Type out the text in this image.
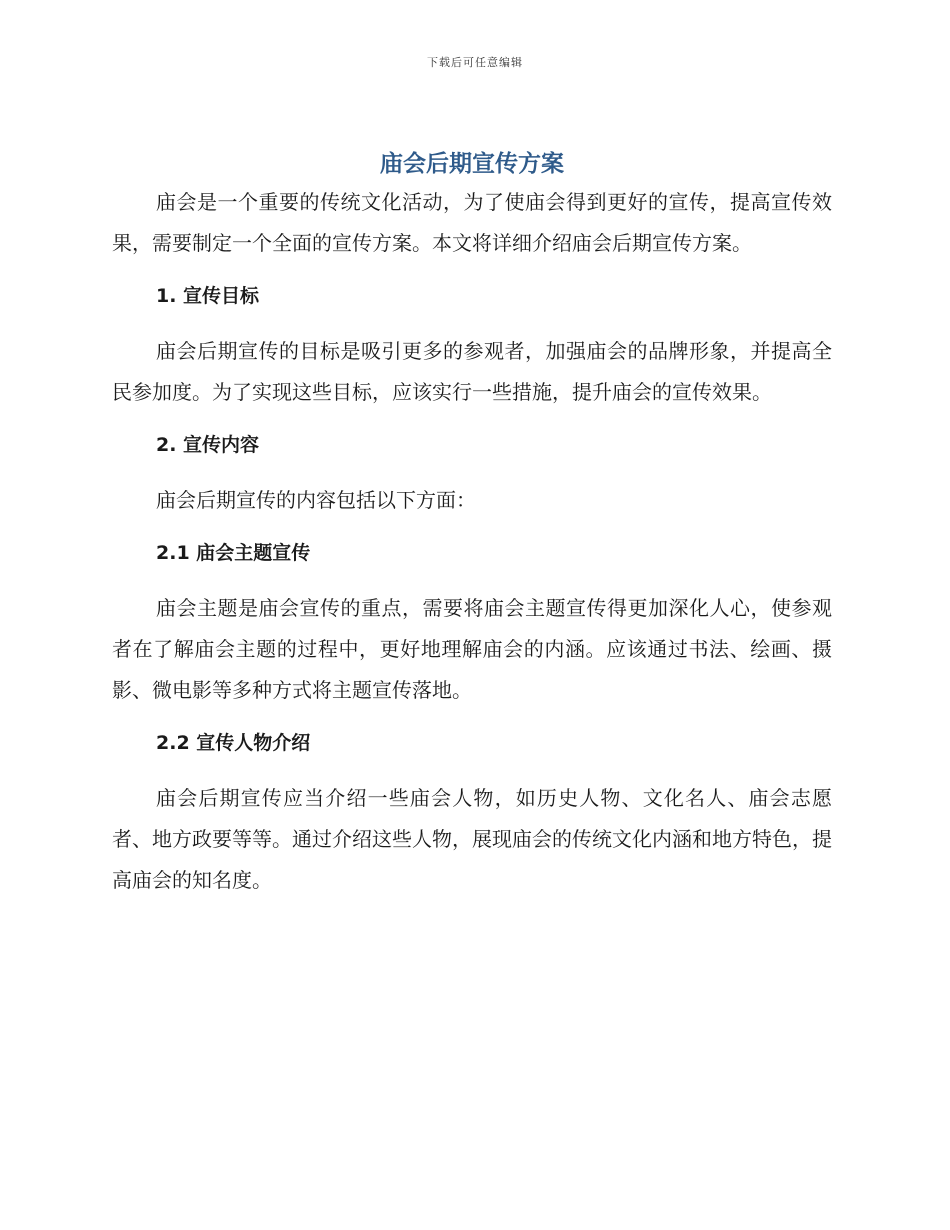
下载后可任意编辑
庙会后期宣传方案

庙会是一个重要的传统文化活动，为了使庙会得到更好的宣传，提高宣传效果，需要制定一个全面的宣传方案。本文将详细介绍庙会后期宣传方案。

1. 宣传目标

庙会后期宣传的目标是吸引更多的参观者，加强庙会的品牌形象，并提高全民参加度。为了实现这些目标，应该实行一些措施，提升庙会的宣传效果。

2. 宣传内容

庙会后期宣传的内容包括以下方面：

2.1 庙会主题宣传

庙会主题是庙会宣传的重点，需要将庙会主题宣传得更加深化人心，使参观者在了解庙会主题的过程中，更好地理解庙会的内涵。应该通过书法、绘画、摄影、微电影等多种方式将主题宣传落地。

2.2 宣传人物介绍

庙会后期宣传应当介绍一些庙会人物，如历史人物、文化名人、庙会志愿者、地方政要等等。通过介绍这些人物，展现庙会的传统文化内涵和地方特色，提高庙会的知名度。
